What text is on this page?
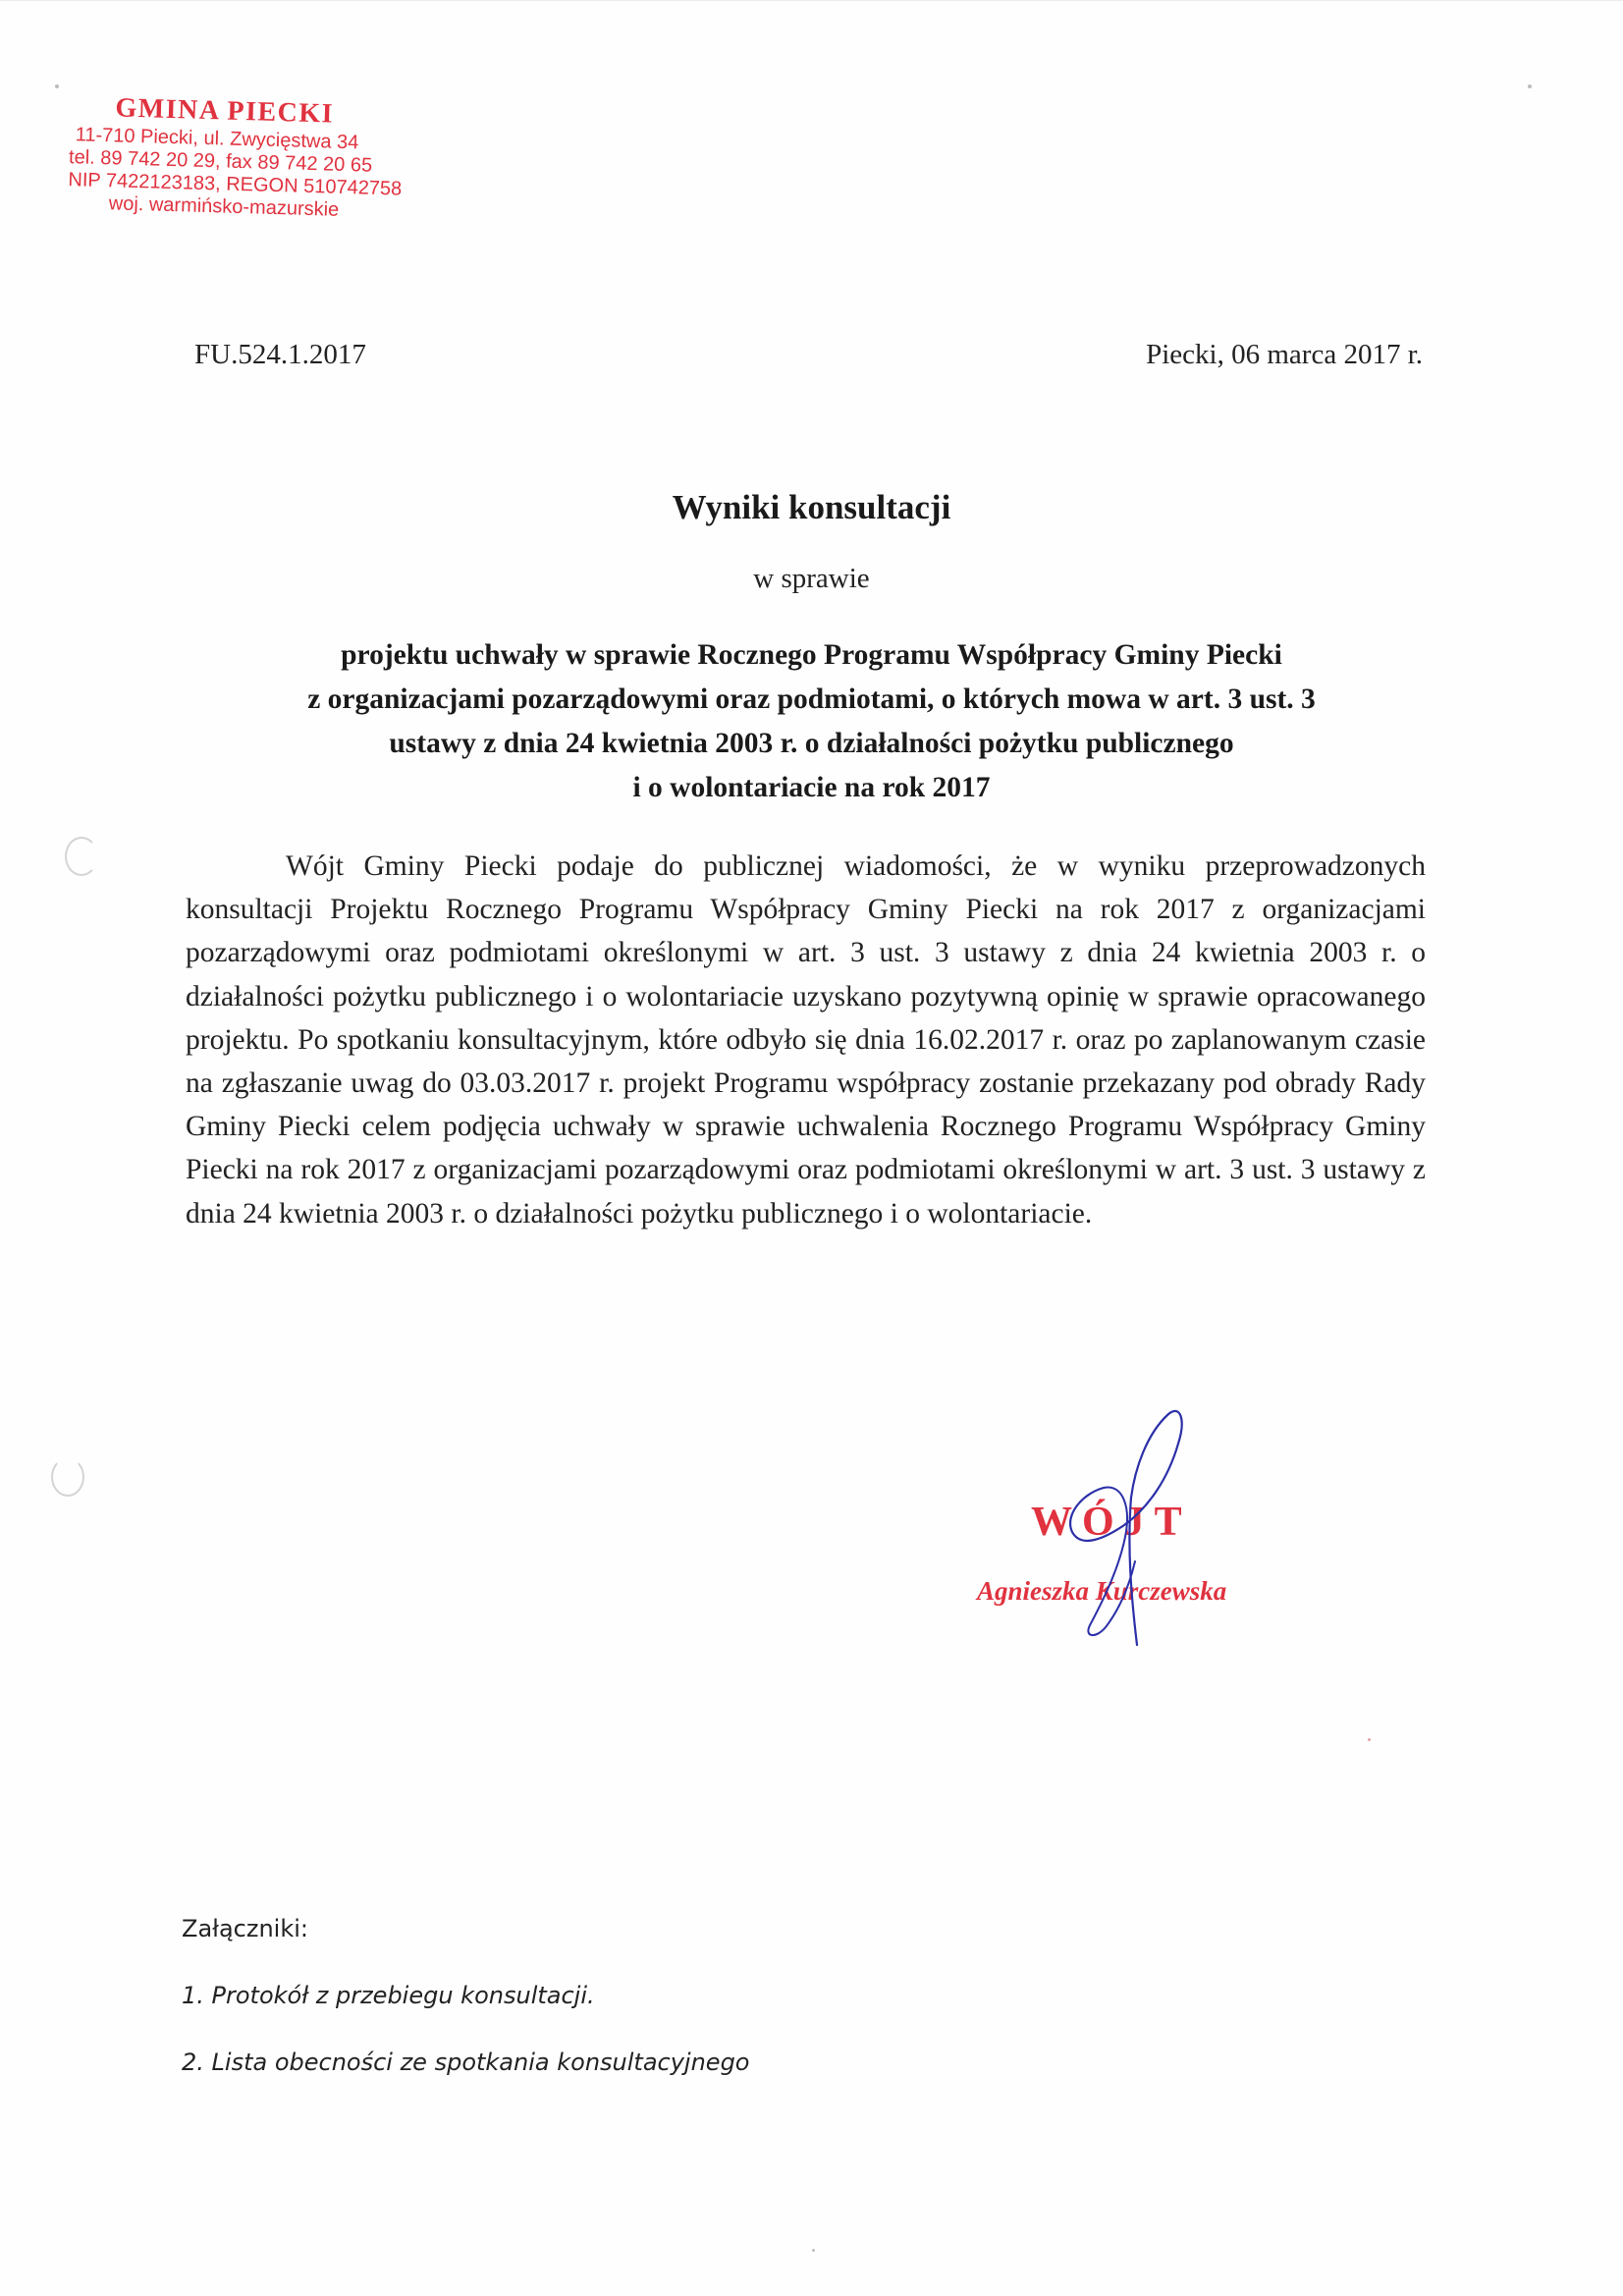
GMINA PIECKI
11-710 Piecki, ul. Zwycięstwa 34
tel. 89 742 20 29, fax 89 742 20 65
NIP 7422123183, REGON 510742758
woj. warmińsko-mazurskie
FU.524.1.2017	Piecki, 06 marca 2017 r.
Wyniki konsultacji
w sprawie
projektu uchwały w sprawie Rocznego Programu Współpracy Gminy Piecki
z organizacjami pozarządowymi oraz podmiotami, o których mowa w art. 3 ust. 3
ustawy z dnia 24 kwietnia 2003 r. o działalności pożytku publicznego
i o wolontariacie na rok 2017
Wójt Gminy Piecki podaje do publicznej wiadomości, że w wyniku przeprowadzonych konsultacji Projektu Rocznego Programu Współpracy Gminy Piecki na rok 2017 z organizacjami pozarządowymi oraz podmiotami określonymi w art. 3 ust. 3 ustawy z dnia 24 kwietnia 2003 r. o działalności pożytku publicznego i o wolontariacie uzyskano pozytywną opinię w sprawie opracowanego projektu. Po spotkaniu konsultacyjnym, które odbyło się dnia 16.02.2017 r. oraz po zaplanowanym czasie na zgłaszanie uwag do 03.03.2017 r. projekt Programu współpracy zostanie przekazany pod obrady Rady Gminy Piecki celem podjęcia uchwały w sprawie uchwalenia Rocznego Programu Współpracy Gminy Piecki na rok 2017 z organizacjami pozarządowymi oraz podmiotami określonymi w art. 3 ust. 3 ustawy z dnia 24 kwietnia 2003 r. o działalności pożytku publicznego i o wolontariacie.
WÓJT
Agnieszka Kurczewska
Załączniki:
1. Protokół z przebiegu konsultacji.
2. Lista obecności ze spotkania konsultacyjnego
